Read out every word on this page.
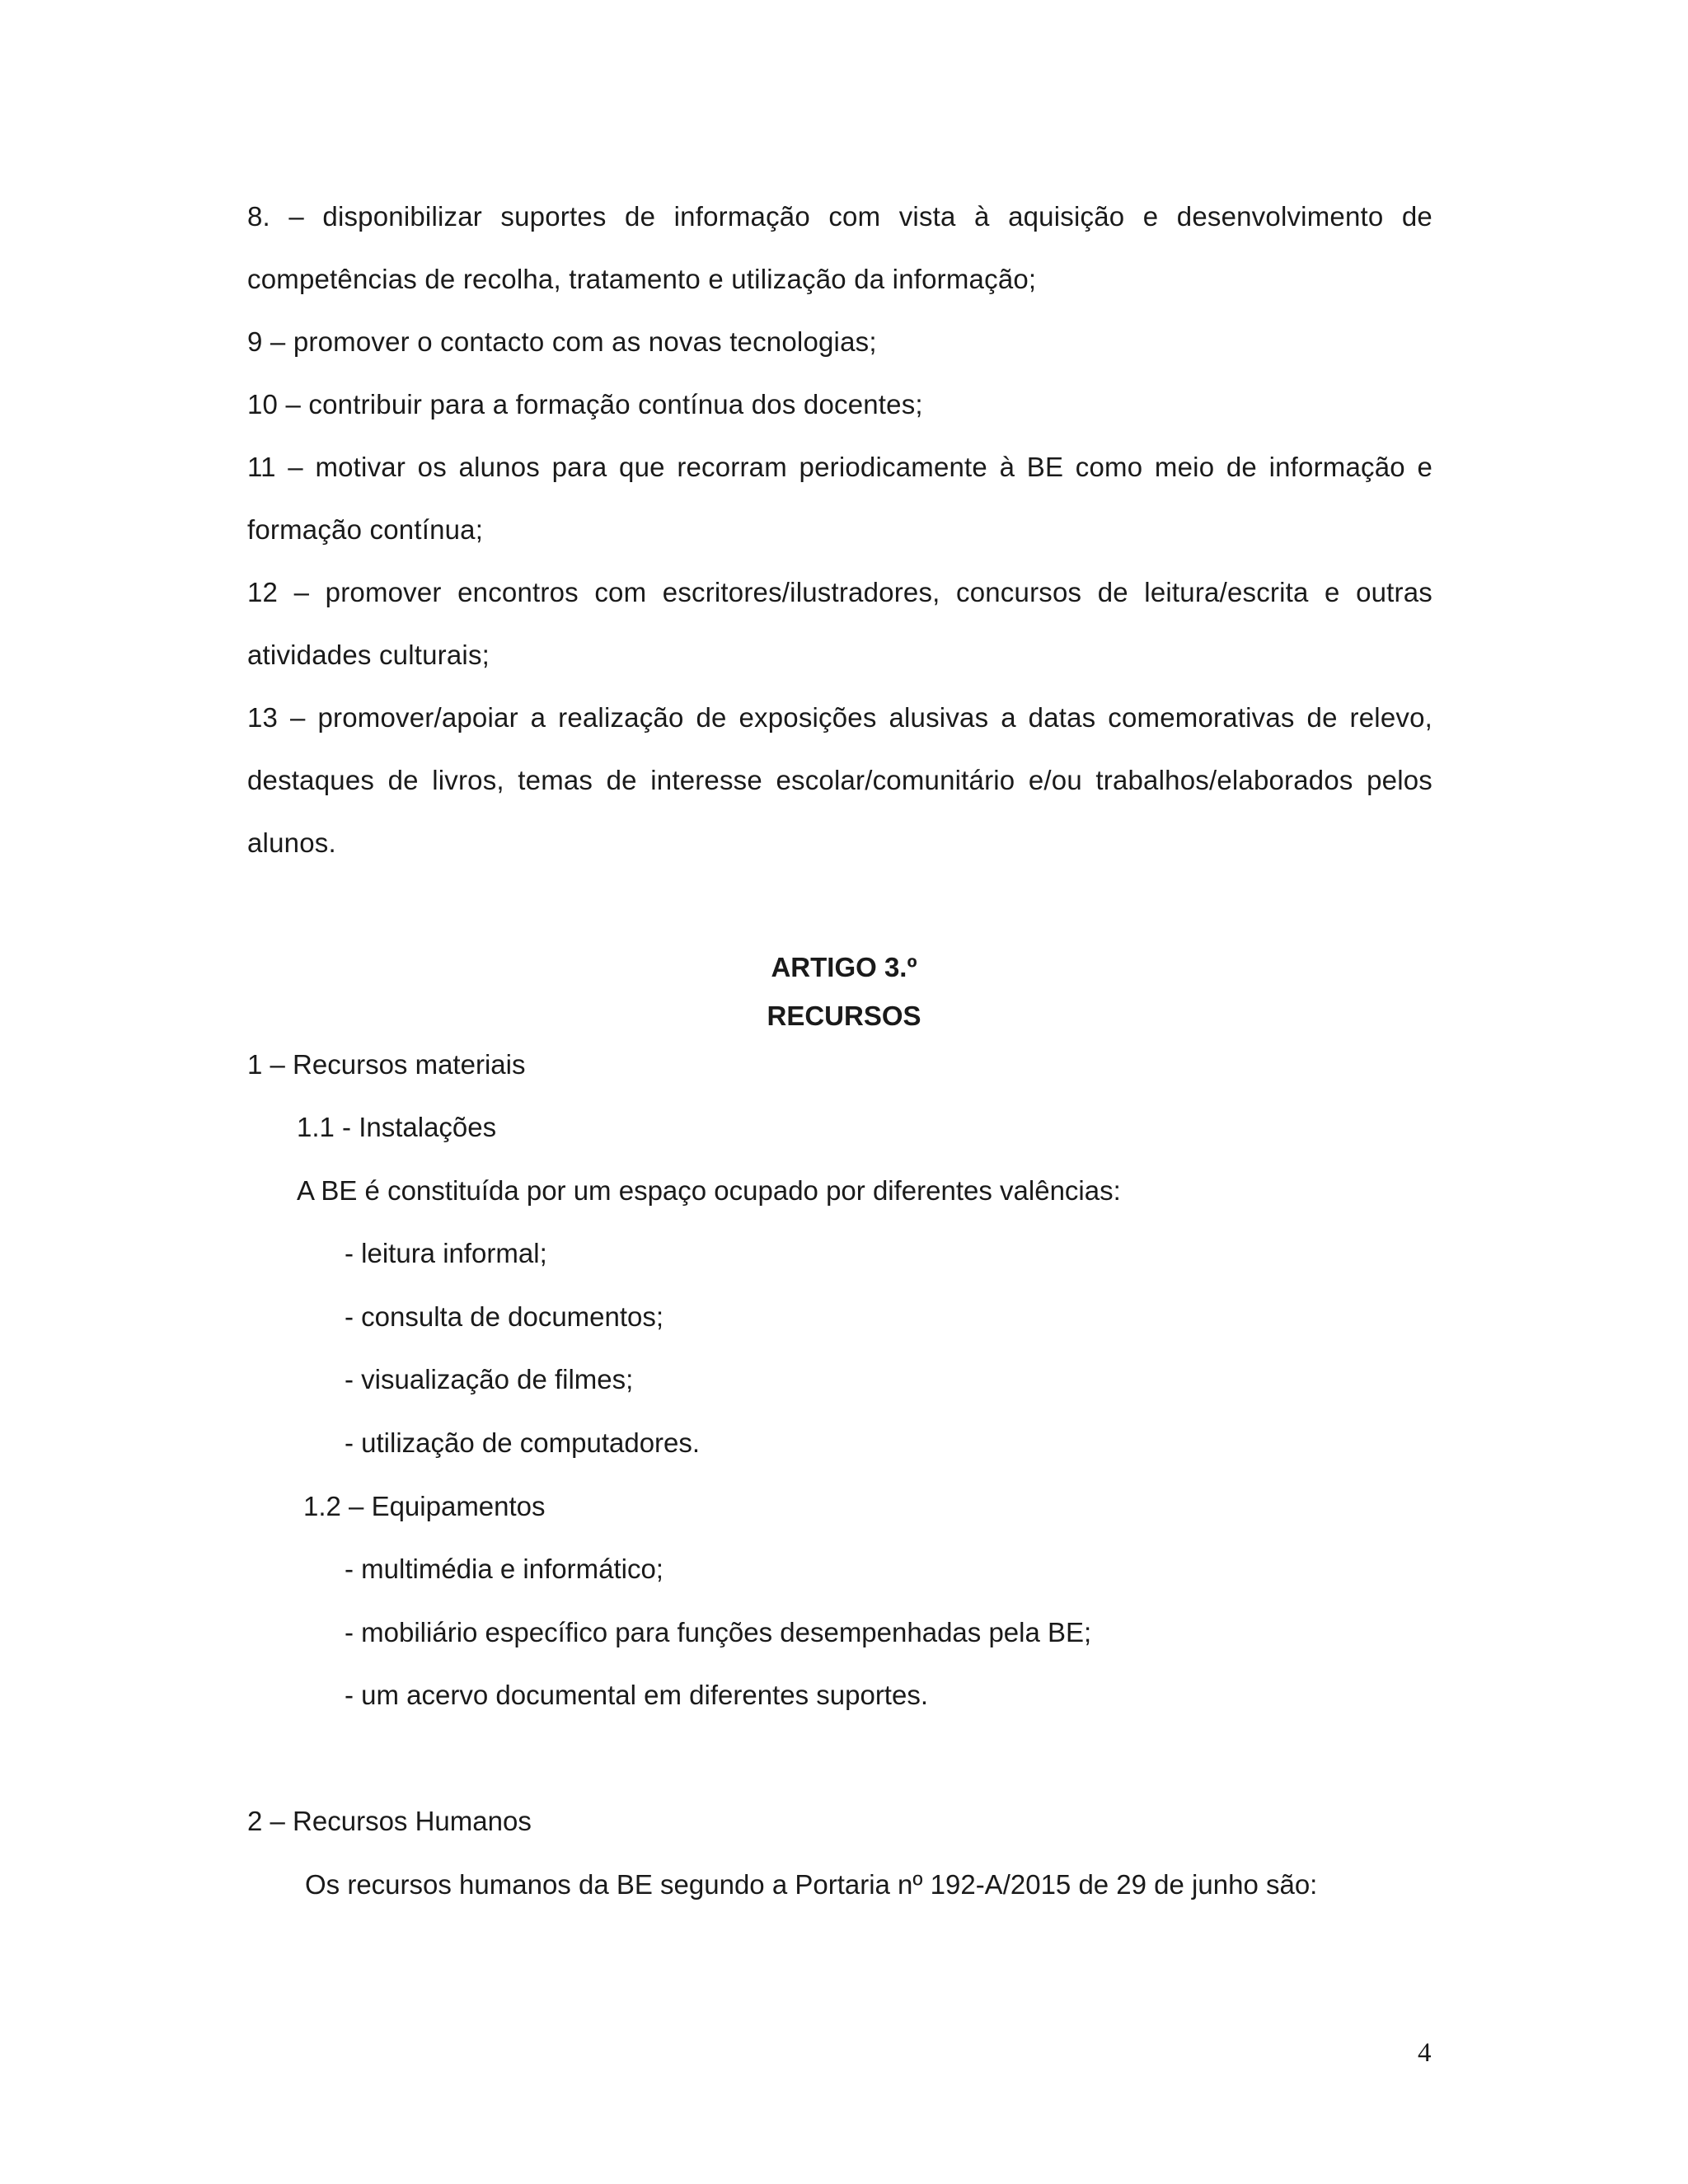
8. – disponibilizar suportes de informação com vista à aquisição e desenvolvimento de competências de recolha, tratamento e utilização da informação;

9 – promover o contacto com as novas tecnologias;

10 – contribuir para a formação contínua dos docentes;

11 – motivar os alunos para que recorram periodicamente à BE como meio de informação e formação contínua;

12 – promover encontros com escritores/ilustradores, concursos de leitura/escrita e outras atividades culturais;

13 – promover/apoiar a realização de exposições alusivas a datas comemorativas de relevo, destaques de livros, temas de interesse escolar/comunitário e/ou trabalhos/elaborados pelos alunos.

ARTIGO 3.º

RECURSOS

1 – Recursos materiais

1.1 - Instalações

A BE é constituída por um espaço ocupado por diferentes valências:

- leitura informal;

- consulta de documentos;

- visualização de filmes;

- utilização de computadores.

1.2 – Equipamentos

- multimédia e informático;

- mobiliário específico para funções desempenhadas pela BE;

- um acervo documental em diferentes suportes.

2 – Recursos Humanos

Os recursos humanos da BE segundo a Portaria nº 192-A/2015 de 29 de junho são:

4
